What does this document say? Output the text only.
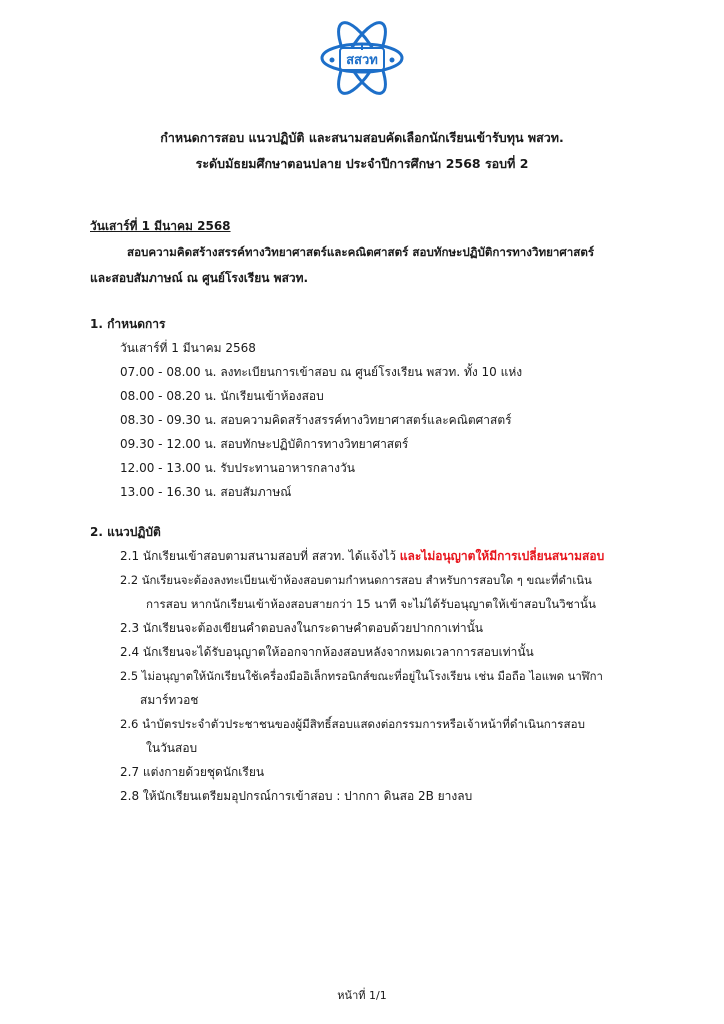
สสวท
กำหนดการสอบ แนวปฏิบัติ และสนามสอบคัดเลือกนักเรียนเข้ารับทุน พสวท.
ระดับมัธยมศึกษาตอนปลาย ประจำปีการศึกษา 2568 รอบที่ 2
วันเสาร์ที่ 1 มีนาคม 2568
สอบความคิดสร้างสรรค์ทางวิทยาศาสตร์และคณิตศาสตร์ สอบทักษะปฏิบัติการทางวิทยาศาสตร์
และสอบสัมภาษณ์ ณ ศูนย์โรงเรียน พสวท.
1. กำหนดการ
วันเสาร์ที่ 1 มีนาคม 2568
07.00 - 08.00 น. ลงทะเบียนการเข้าสอบ ณ ศูนย์โรงเรียน พสวท. ทั้ง 10 แห่ง
08.00 - 08.20 น. นักเรียนเข้าห้องสอบ
08.30 - 09.30 น. สอบความคิดสร้างสรรค์ทางวิทยาศาสตร์และคณิตศาสตร์
09.30 - 12.00 น. สอบทักษะปฏิบัติการทางวิทยาศาสตร์
12.00 - 13.00 น. รับประทานอาหารกลางวัน
13.00 - 16.30 น. สอบสัมภาษณ์
2. แนวปฏิบัติ
2.1 นักเรียนเข้าสอบตามสนามสอบที่ สสวท. ได้แจ้งไว้ และไม่อนุญาตให้มีการเปลี่ยนสนามสอบ
2.2 นักเรียนจะต้องลงทะเบียนเข้าห้องสอบตามกำหนดการสอบ สำหรับการสอบใด ๆ ขณะที่ดำเนิน
การสอบ หากนักเรียนเข้าห้องสอบสายกว่า 15 นาที จะไม่ได้รับอนุญาตให้เข้าสอบในวิชานั้น
2.3 นักเรียนจะต้องเขียนคำตอบลงในกระดาษคำตอบด้วยปากกาเท่านั้น
2.4 นักเรียนจะได้รับอนุญาตให้ออกจากห้องสอบหลังจากหมดเวลาการสอบเท่านั้น
2.5 ไม่อนุญาตให้นักเรียนใช้เครื่องมืออิเล็กทรอนิกส์ขณะที่อยู่ในโรงเรียน เช่น มือถือ ไอแพด นาฬิกา
สมาร์ทวอช
2.6 นำบัตรประจำตัวประชาชนของผู้มีสิทธิ์สอบแสดงต่อกรรมการหรือเจ้าหน้าที่ดำเนินการสอบ
ในวันสอบ
2.7 แต่งกายด้วยชุดนักเรียน
2.8 ให้นักเรียนเตรียมอุปกรณ์การเข้าสอบ : ปากกา ดินสอ 2B ยางลบ
หน้าที่ 1/1
